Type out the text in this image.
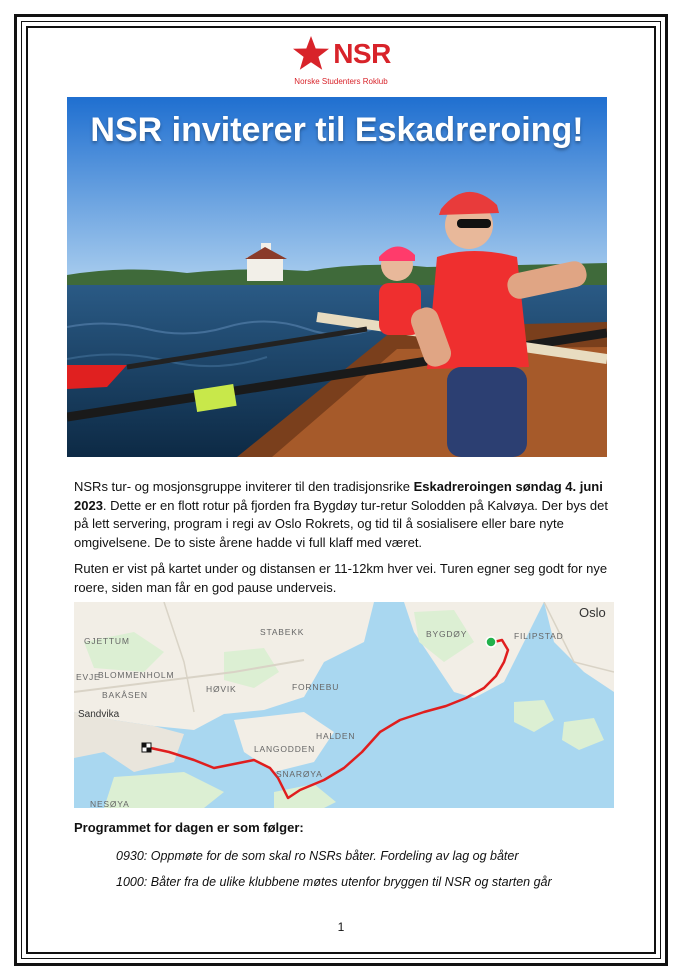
NSR
Norske Studenters Roklub
NSR inviterer til Eskadreroing!
NSRs tur- og mosjonsgruppe inviterer til den tradisjonsrike Eskadreroingen søndag 4. juni 2023. Dette er en flott rotur på fjorden fra Bygdøy tur-retur Solodden på Kalvøya. Der bys det på lett servering, program i regi av Oslo Rokrets, og tid til å sosialisere eller bare nyte omgivelsene. De to siste årene hadde vi full klaff med været.
Ruten er vist på kartet under og distansen er 11-12km hver vei. Turen egner seg godt for nye roere, siden man får en god pause underveis.
Oslo
FILIPSTAD
BYGDØY
GJETTUM
STABEKK
EVJE
BLOMMENHOLM
HØVIK	FORNEBU
BAKÅSEN
Sandvika
LANGODDEN
HALDEN
SNARØYA
NESØYA
Programmet for dagen er som følger:
0930: Oppmøte for de som skal ro NSRs båter. Fordeling av lag og båter
1000: Båter fra de ulike klubbene møtes utenfor bryggen til NSR og starten går
1
